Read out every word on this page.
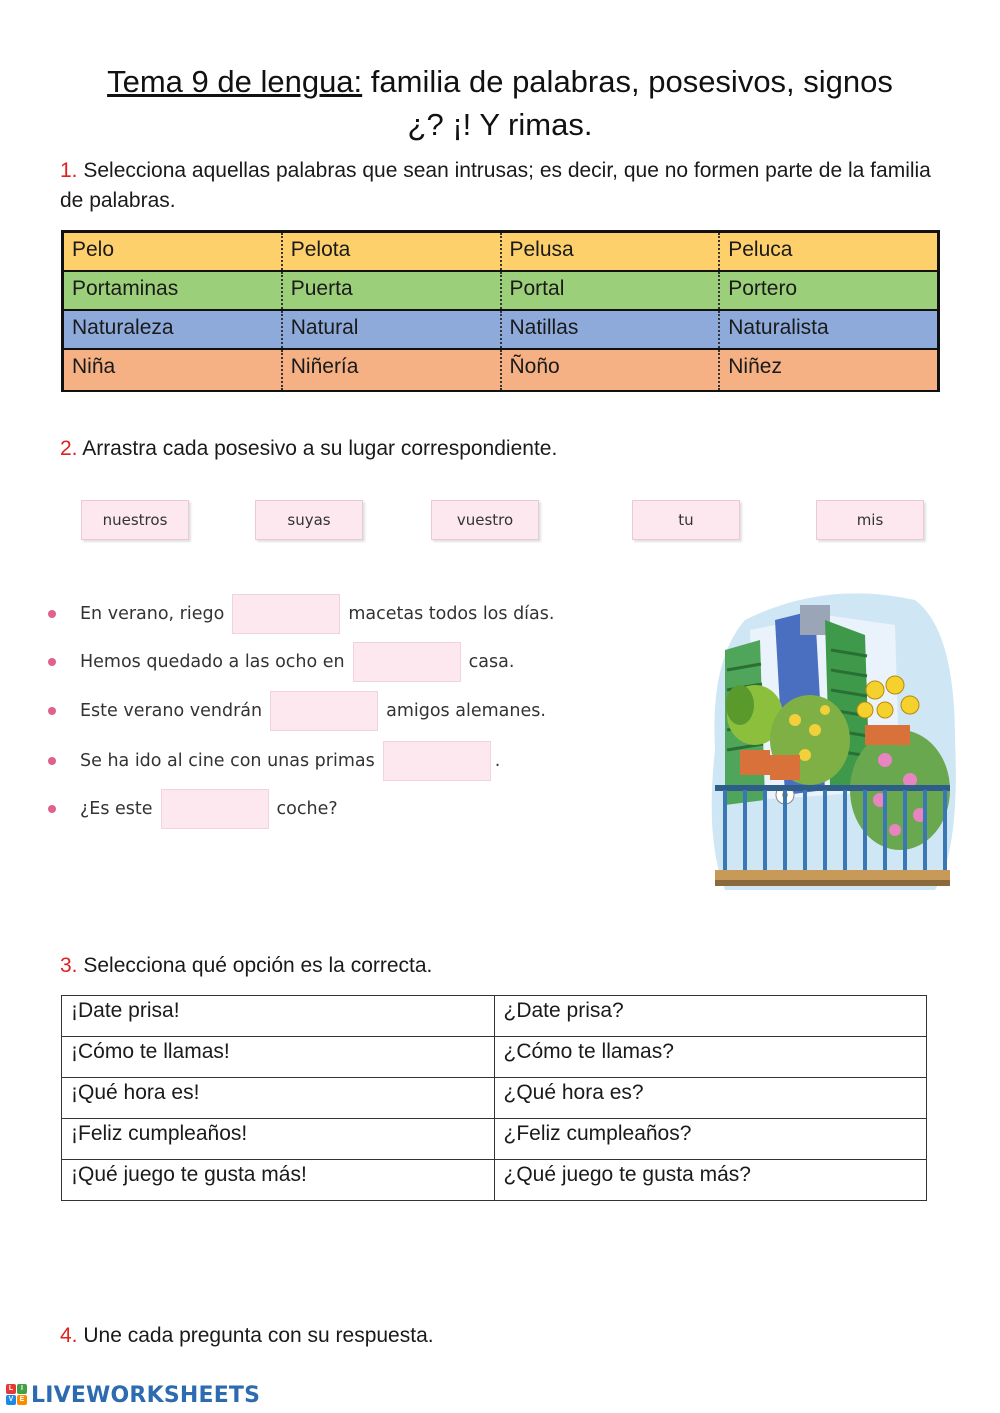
Tema 9 de lengua: familia de palabras, posesivos, signos
¿? ¡! Y rimas.
1. Selecciona aquellas palabras que sean intrusas; es decir, que no formen parte de la familia de palabras.
Pelo	Pelota	Pelusa	Peluca
Portaminas	Puerta	Portal	Portero
Naturaleza	Natural	Natillas	Naturalista
Niña	Niñería	Ñoño	Niñez
2. Arrastra cada posesivo a su lugar correspondiente.
nuestros	suyas	vuestro	tu	mis
En verano, riego	macetas todos los días.
Hemos quedado a las ocho en	casa.
Este verano vendrán	amigos alemanes.
Se ha ido al cine con unas primas	.
¿Es este	coche?
3. Selecciona qué opción es la correcta.
¡Date prisa!	¿Date prisa?
¡Cómo te llamas!	¿Cómo te llamas?
¡Qué hora es!	¿Qué hora es?
¡Feliz cumpleaños!	¿Feliz cumpleaños?
¡Qué juego te gusta más!	¿Qué juego te gusta más?
4. Une cada pregunta con su respuesta.
L	I
V E LIVEWORKSHEETS
